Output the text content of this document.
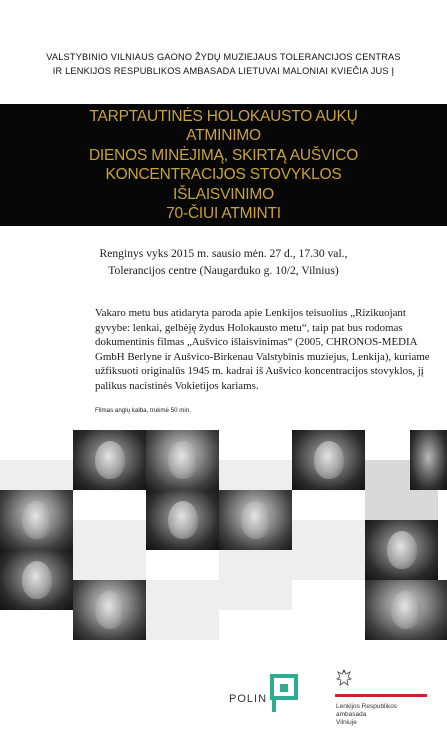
VALSTYBINIO VILNIAUS GAONO ŽYDŲ MUZIEJAUS TOLERANCIJOS CENTRAS
IR LENKIJOS RESPUBLIKOS AMBASADA LIETUVAI MALONIAI KVIEČIA JUS Į
TARPTAUTINĖS HOLOKAUSTO AUKŲ ATMINIMO
DIENOS MINĖJIMĄ, SKIRTĄ AUŠVICO
KONCENTRACIJOS STOVYKLOS IŠLAISVINIMO
70-ČIUI ATMINTI
Renginys vyks 2015 m. sausio mėn. 27 d., 17.30 val.,
Tolerancijos centre (Naugarduko g. 10/2, Vilnius)
Vakaro metu bus atidaryta paroda apie Lenkijos teisuolius „Rizikuojant gyvybe: lenkai, gelbėję žydus Holokausto metu“, taip pat bus rodomas dokumentinis filmas „Aušvico išlaisvinimas“ (2005, CHRONOS-MEDIA GmbH Berlyne ir Aušvico-Birkenau Valstybinis muziejus, Lenkija), kuriame užfiksuoti originalūs 1945 m. kadrai iš Aušvico koncentracijos stovyklos, jį palikus nacistinės Vokietijos kariams.
Filmas anglų kalba, trukmė 50 min.
POLIN
Lenkijos Respublikos
ambasada
Vilniuje
